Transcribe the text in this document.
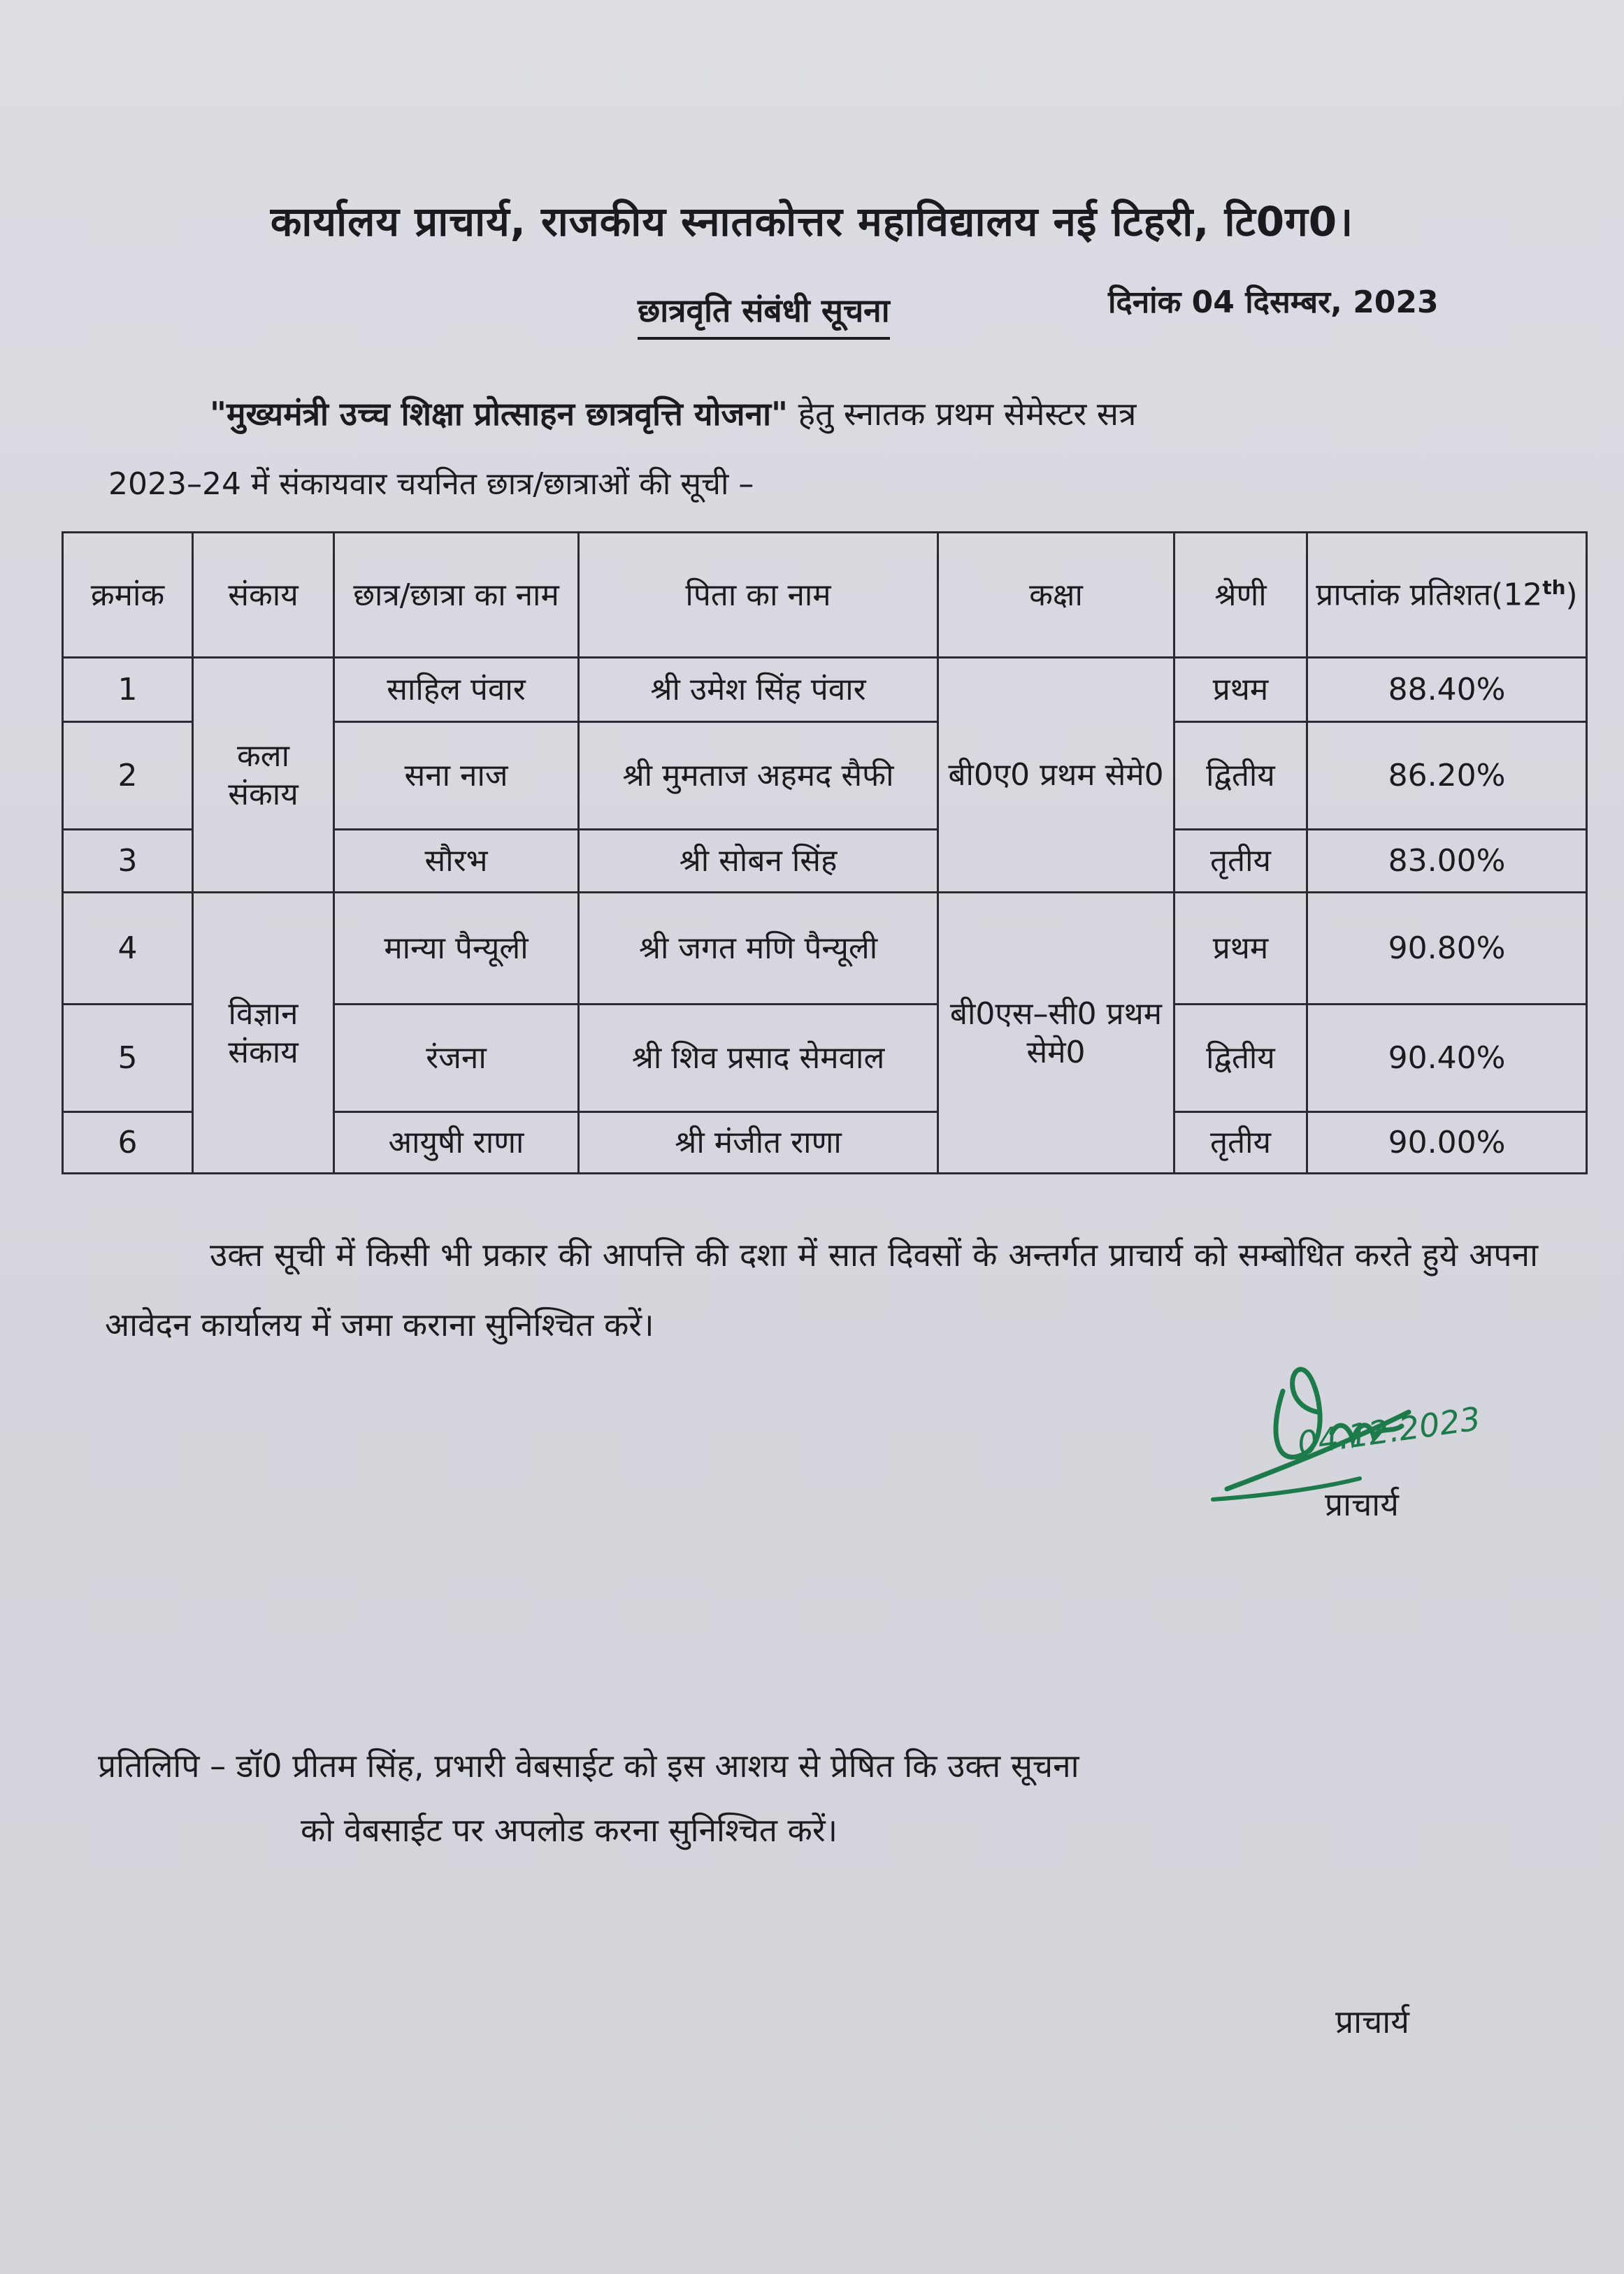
कार्यालय प्राचार्य, राजकीय स्नातकोत्तर महाविद्यालय नई टिहरी, टि0ग0।
छात्रवृति संबंधी सूचना	दिनांक 04 दिसम्बर, 2023
"मुख्यमंत्री उच्च शिक्षा प्रोत्साहन छात्रवृत्ति योजना" हेतु स्नातक प्रथम सेमेस्टर सत्र
2023–24 में संकायवार चयनित छात्र/छात्राओं की सूची –
क्रमांक	संकाय	छात्र/छात्रा का नाम	पिता का नाम	कक्षा	श्रेणी	प्राप्तांक प्रतिशत(12th)
1	कला संकाय	साहिल पंवार	श्री उमेश सिंह पंवार	बी0ए0 प्रथम सेमे0	प्रथम	88.40%
2		सना नाज	श्री मुमताज अहमद सैफी		द्वितीय	86.20%
3		सौरभ	श्री सोबन सिंह		तृतीय	83.00%
4	विज्ञान संकाय	मान्या पैन्यूली	श्री जगत मणि पैन्यूली	बी0एस–सी0 प्रथम सेमे0	प्रथम	90.80%
5		रंजना	श्री शिव प्रसाद सेमवाल		द्वितीय	90.40%
6		आयुषी राणा	श्री मंजीत राणा		तृतीय	90.00%
उक्त सूची में किसी भी प्रकार की आपत्ति की दशा में सात दिवसों के अन्तर्गत प्राचार्य को सम्बोधित करते हुये अपना आवेदन कार्यालय में जमा कराना सुनिश्चित करें।
04.12.2023
प्राचार्य
प्रतिलिपि – डॉ0 प्रीतम सिंह, प्रभारी वेबसाईट को इस आशय से प्रेषित कि उक्त सूचना
को वेबसाईट पर अपलोड करना सुनिश्चित करें।
प्राचार्य
